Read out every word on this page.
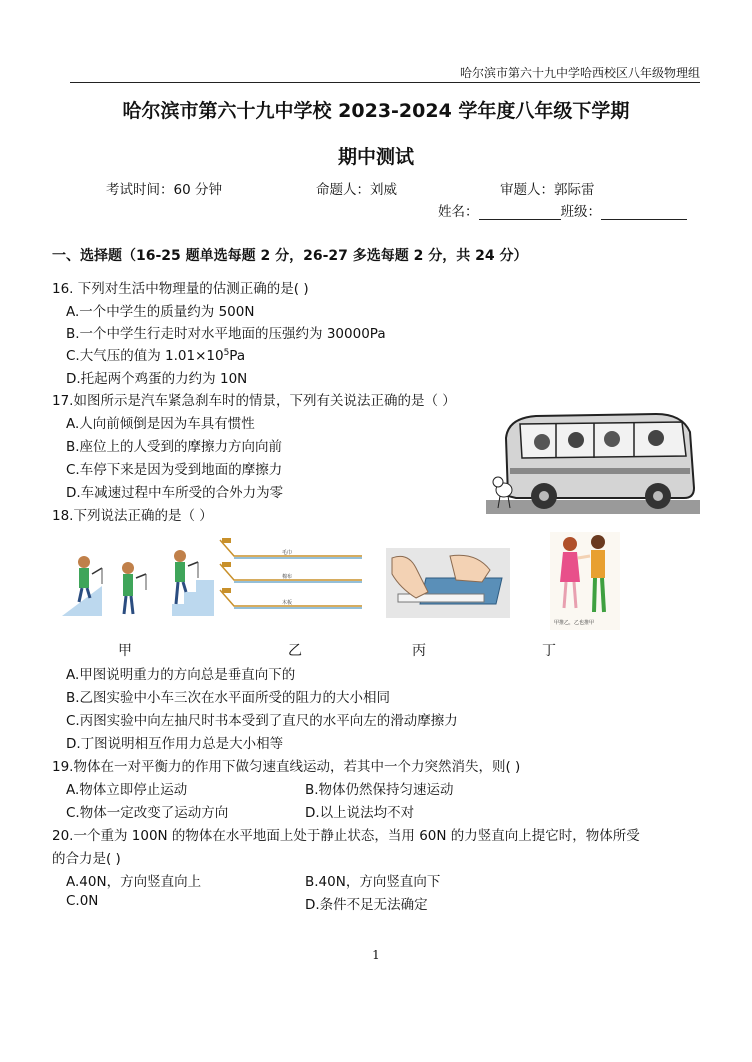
哈尔滨市第六十九中学哈西校区八年级物理组
哈尔滨市第六十九中学校 2023-2024 学年度八年级下学期
期中测试
考试时间：60 分钟	命题人：刘威	审题人：郭际雷
姓名：	班级：
一、选择题（16-25 题单选每题 2 分，26-27 多选每题 2 分，共 24 分）
16. 下列对生活中物理量的估测正确的是( )
A.一个中学生的质量约为 500N
B.一个中学生行走时对水平地面的压强约为 30000Pa
C.大气压的值为 $1.01\times 10^5Pa$
D.托起两个鸡蛋的力约为 10N
17.如图所示是汽车紧急刹车时的情景，下列有关说法正确的是（ ）
A.人向前倾倒是因为车具有惯性
B.座位上的人受到的摩擦力方向向前
C.车停下来是因为受到地面的摩擦力
D.车减速过程中车所受的合外力为零
18.下列说法正确的是（ ）
毛巾
棉布
木板
甲推乙，乙也推甲
甲	乙	丙	丁
A.甲图说明重力的方向总是垂直向下的
B.乙图实验中小车三次在水平面所受的阻力的大小相同
C.丙图实验中向左抽尺时书本受到了直尺的水平向左的滑动摩擦力
D.丁图说明相互作用力总是大小相等
19.物体在一对平衡力的作用下做匀速直线运动，若其中一个力突然消失，则( )
A.物体立即停止运动	B.物体仍然保持匀速运动
C.物体一定改变了运动方向	D.以上说法均不对
20.一个重为 100N 的物体在水平地面上处于静止状态，当用 60N 的力竖直向上提它时，物体所受
的合力是( )
A.40N，方向竖直向上	B.40N，方向竖直向下
C.0N	D.条件不足无法确定
1
